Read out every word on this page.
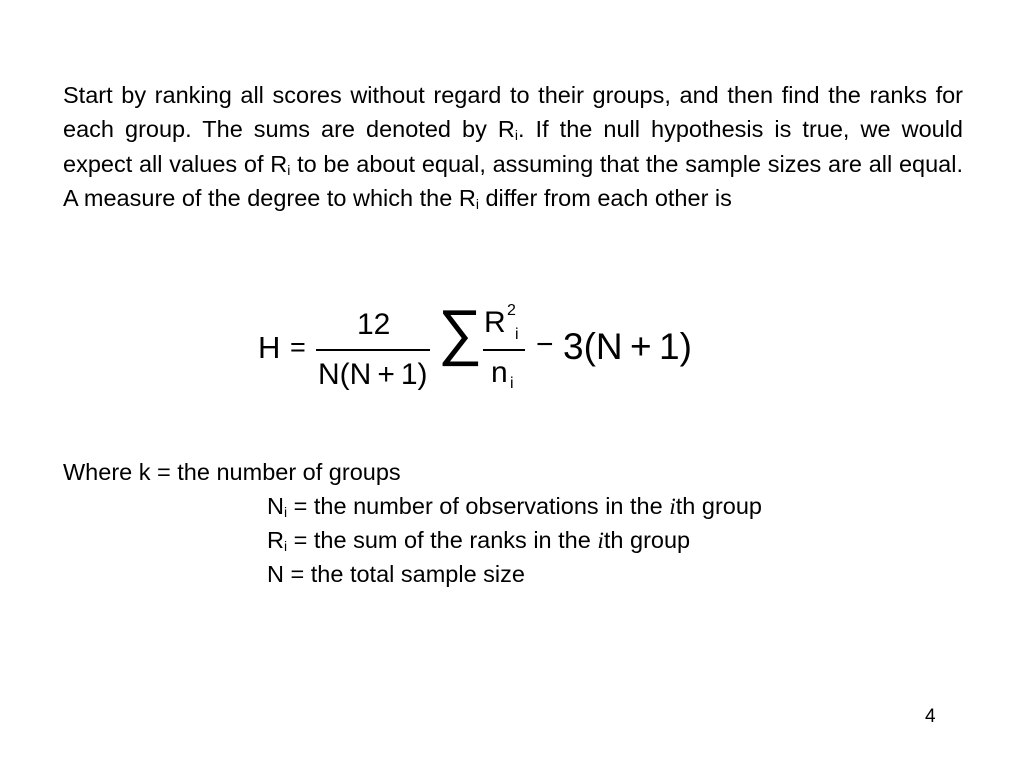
Start by ranking all scores without regard to their groups, and then find the ranks for each group. The sums are denoted by $R_i$. If the null hypothesis is true, we would expect all values of $R_i$ to be about equal, assuming that the sample sizes are all equal. A measure of the degree to which the $R_i$ differ from each other is
H =
12
N(N + 1)
∑ R 2
i
n i
− 3(N + 1)
Where k = the number of groups
$N_i$ = the number of observations in the ith group
$R_i$ = the sum of the ranks in the ith group
N = the total sample size
4
